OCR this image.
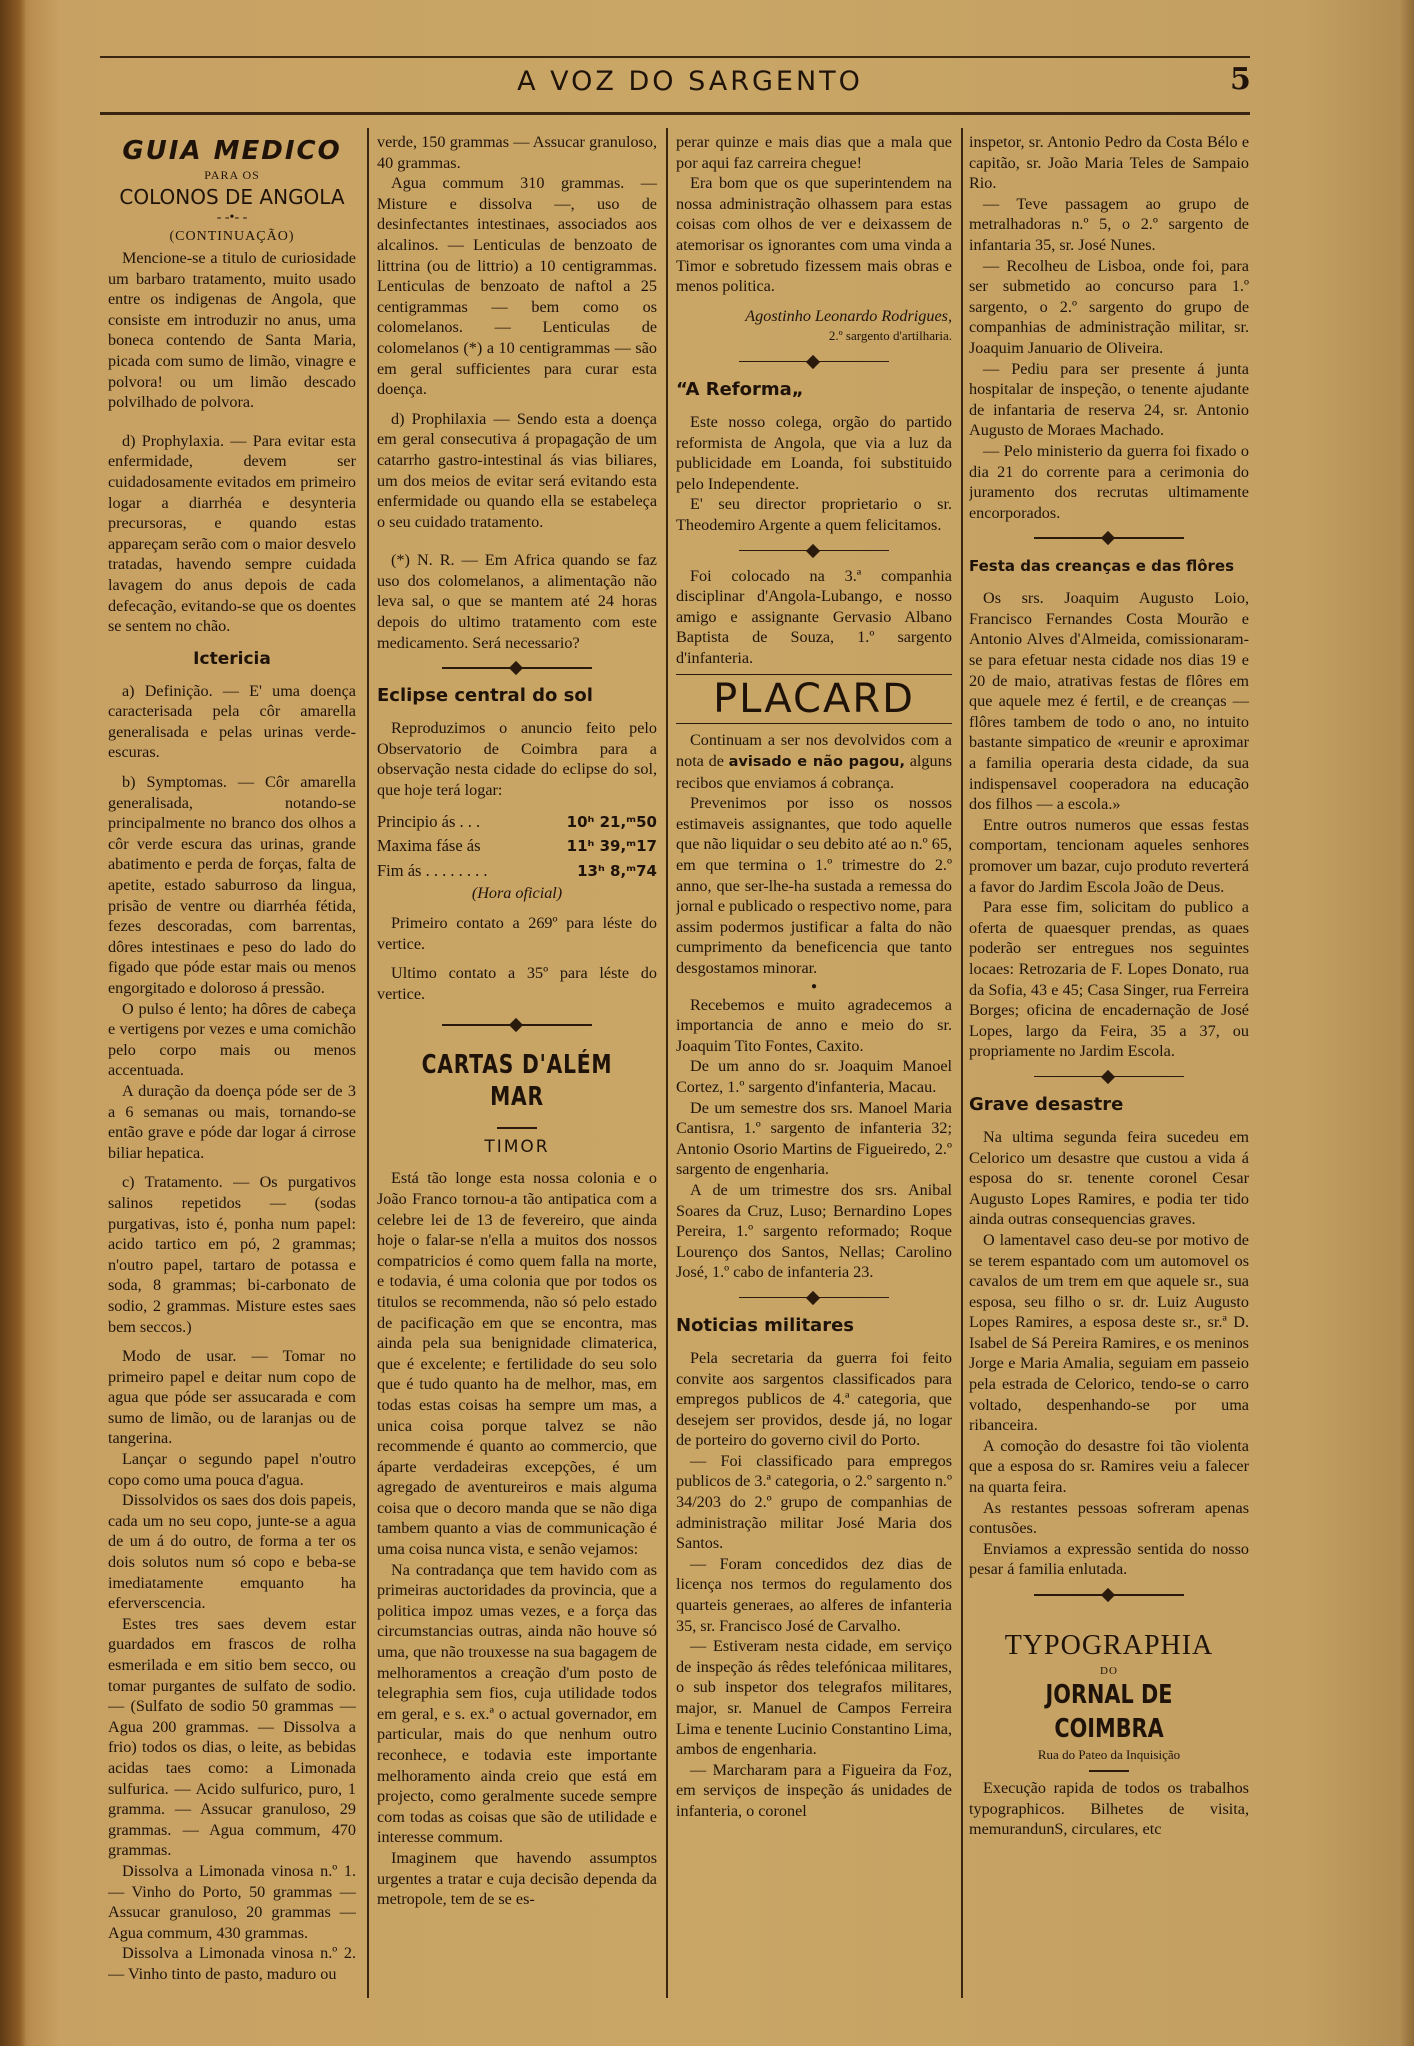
A VOZ DO SARGENTO	5
GUIA MEDICO
PARA OS
COLONOS DE ANGOLA
- -•- -
(CONTINUAÇÃO)

Mencione-se a titulo de curiosidade um barbaro tratamento, muito usado entre os indigenas de Angola, que consiste em introduzir no anus, uma boneca contendo de Santa Maria, picada com sumo de limão, vinagre e polvora! ou um limão descado polvilhado de polvora.

d) Prophylaxia. — Para evitar esta enfermidade, devem ser cuidadosamente evitados em primeiro logar a diarrhéa e desynteria precursoras, e quando estas appareçam serão com o maior desvelo tratadas, havendo sempre cuidada lavagem do anus depois de cada defecação, evitando-se que os doentes se sentem no chão.

Ictericia

a) Definição. — E' uma doença caracterisada pela côr amarella generalisada e pelas urinas verde-escuras.

b) Symptomas. — Côr amarella generalisada, notando-se principalmente no branco dos olhos a côr verde escura das urinas, grande abatimento e perda de forças, falta de apetite, estado saburroso da lingua, prisão de ventre ou diarrhéa fétida, fezes descoradas, com barrentas, dôres intestinaes e peso do lado do figado que póde estar mais ou menos engorgitado e doloroso á pressão.

O pulso é lento; ha dôres de cabeça e vertigens por vezes e uma comichão pelo corpo mais ou menos accentuada.

A duração da doença póde ser de 3 a 6 semanas ou mais, tornando-se então grave e póde dar logar á cirrose biliar hepatica.

c) Tratamento. — Os purgativos salinos repetidos — (sodas purgativas, isto é, ponha num papel: acido tartico em pó, 2 grammas; n'outro papel, tartaro de potassa e soda, 8 grammas; bi-carbonato de sodio, 2 grammas. Misture estes saes bem seccos.)

Modo de usar. — Tomar no primeiro papel e deitar num copo de agua que póde ser assucarada e com sumo de limão, ou de laranjas ou de tangerina.

Lançar o segundo papel n'outro copo como uma pouca d'agua.

Dissolvidos os saes dos dois papeis, cada um no seu copo, junte-se a agua de um á do outro, de forma a ter os dois solutos num só copo e beba-se imediatamente emquanto ha eferverscencia.

Estes tres saes devem estar guardados em frascos de rolha esmerilada e em sitio bem secco, ou tomar purgantes de sulfato de sodio. — (Sulfato de sodio 50 grammas — Agua 200 grammas. — Dissolva a frio) todos os dias, o leite, as bebidas acidas taes como: a Limonada sulfurica. — Acido sulfurico, puro, 1 gramma. — Assucar granuloso, 29 grammas. — Agua commum, 470 grammas.

Dissolva a Limonada vinosa n.º 1. — Vinho do Porto, 50 grammas — Assucar granuloso, 20 grammas — Agua commum, 430 grammas.

Dissolva a Limonada vinosa n.º 2. — Vinho tinto de pasto, maduro ou

verde, 150 grammas — Assucar granuloso, 40 grammas.

Agua commum 310 grammas. — Misture e dissolva —, uso de desinfectantes intestinaes, associados aos alcalinos. — Lenticulas de benzoato de littrina (ou de littrio) a 10 centigrammas. Lenticulas de benzoato de naftol a 25 centigrammas — bem como os colomelanos. — Lenticulas de colomelanos (*) a 10 centigrammas — são em geral sufficientes para curar esta doença.

d) Prophilaxia — Sendo esta a doença em geral consecutiva á propagação de um catarrho gastro-intestinal ás vias biliares, um dos meios de evitar será evitando esta enfermidade ou quando ella se estabeleça o seu cuidado tratamento.

(*) N. R. — Em Africa quando se faz uso dos colomelanos, a alimentação não leva sal, o que se mantem até 24 horas depois do ultimo tratamento com este medicamento. Será necessario?

Eclipse central do sol

Reproduzimos o anuncio feito pelo Observatorio de Coimbra para a observação nesta cidade do eclipse do sol, que hoje terá logar:

Principio ás . . .	10ʰ 21,ᵐ50
Maxima fáse ás	11ʰ 39,ᵐ17
Fim ás . . . . . . . .	13ʰ 8,ᵐ74
(Hora oficial)

Primeiro contato a 269º para léste do vertice.

Ultimo contato a 35º para léste do vertice.

CARTAS D'ALÉM MAR
TIMOR

Está tão longe esta nossa colonia e o João Franco tornou-a tão antipatica com a celebre lei de 13 de fevereiro, que ainda hoje o falar-se n'ella a muitos dos nossos compatricios é como quem falla na morte, e todavia, é uma colonia que por todos os titulos se recommenda, não só pelo estado de pacificação em que se encontra, mas ainda pela sua benignidade climaterica, que é excelente; e fertilidade do seu solo que é tudo quanto ha de melhor, mas, em todas estas coisas ha sempre um mas, a unica coisa porque talvez se não recommende é quanto ao commercio, que áparte verdadeiras excepções, é um agregado de aventureiros e mais alguma coisa que o decoro manda que se não diga tambem quanto a vias de communicação é uma coisa nunca vista, e senão vejamos:

Na contradança que tem havido com as primeiras auctoridades da provincia, que a politica impoz umas vezes, e a força das circumstancias outras, ainda não houve só uma, que não trouxesse na sua bagagem de melhoramentos a creação d'um posto de telegraphia sem fios, cuja utilidade todos em geral, e s. ex.ª o actual governador, em particular, mais do que nenhum outro reconhece, e todavia este importante melhoramento ainda creio que está em projecto, como geralmente sucede sempre com todas as coisas que são de utilidade e interesse commum.

Imaginem que havendo assumptos urgentes a tratar e cuja decisão dependa da metropole, tem de se es-

perar quinze e mais dias que a mala que por aqui faz carreira chegue!

Era bom que os que superintendem na nossa administração olhassem para estas coisas com olhos de ver e deixassem de atemorisar os ignorantes com uma vinda a Timor e sobretudo fizessem mais obras e menos politica.

Agostinho Leonardo Rodrigues,
2.º sargento d'artilharia.
“A Reforma„

Este nosso colega, orgão do partido reformista de Angola, que via a luz da publicidade em Loanda, foi substituido pelo Independente.

E' seu director proprietario o sr. Theodemiro Argente a quem felicitamos.

Foi colocado na 3.ª companhia disciplinar d'Angola-Lubango, e nosso amigo e assignante Gervasio Albano Baptista de Souza, 1.º sargento d'infanteria.

PLACARD

Continuam a ser nos devolvidos com a nota de avisado e não pagou, alguns recibos que enviamos á cobrança.

Prevenimos por isso os nossos estimaveis assignantes, que todo aquelle que não liquidar o seu debito até ao n.º 65, em que termina o 1.º trimestre do 2.º anno, que ser-lhe-ha sustada a remessa do jornal e publicado o respectivo nome, para assim podermos justificar a falta do não cumprimento da beneficencia que tanto desgostamos minorar.

●

Recebemos e muito agradecemos a importancia de anno e meio do sr. Joaquim Tito Fontes, Caxito.

De um anno do sr. Joaquim Manoel Cortez, 1.º sargento d'infanteria, Macau.

De um semestre dos srs. Manoel Maria Cantisra, 1.º sargento de infanteria 32; Antonio Osorio Martins de Figueiredo, 2.º sargento de engenharia.

A de um trimestre dos srs. Anibal Soares da Cruz, Luso; Bernardino Lopes Pereira, 1.º sargento reformado; Roque Lourenço dos Santos, Nellas; Carolino José, 1.º cabo de infanteria 23.

Noticias militares

Pela secretaria da guerra foi feito convite aos sargentos classificados para empregos publicos de 4.ª categoria, que desejem ser providos, desde já, no logar de porteiro do governo civil do Porto.

— Foi classificado para empregos publicos de 3.ª categoria, o 2.º sargento n.º 34/203 do 2.º grupo de companhias de administração militar José Maria dos Santos.

— Foram concedidos dez dias de licença nos termos do regulamento dos quarteis generaes, ao alferes de infanteria 35, sr. Francisco José de Carvalho.

— Estiveram nesta cidade, em serviço de inspeção ás rêdes telefónicaa militares, o sub inspetor dos telegrafos militares, major, sr. Manuel de Campos Ferreira Lima e tenente Lucinio Constantino Lima, ambos de engenharia.

— Marcharam para a Figueira da Foz, em serviços de inspeção ás unidades de infanteria, o coronel

inspetor, sr. Antonio Pedro da Costa Bélo e capitão, sr. João Maria Teles de Sampaio Rio.

— Teve passagem ao grupo de metralhadoras n.º 5, o 2.º sargento de infantaria 35, sr. José Nunes.

— Recolheu de Lisboa, onde foi, para ser submetido ao concurso para 1.º sargento, o 2.º sargento do grupo de companhias de administração militar, sr. Joaquim Januario de Oliveira.

— Pediu para ser presente á junta hospitalar de inspeção, o tenente ajudante de infantaria de reserva 24, sr. Antonio Augusto de Moraes Machado.

— Pelo ministerio da guerra foi fixado o dia 21 do corrente para a cerimonia do juramento dos recrutas ultimamente encorporados.

Festa das creanças e das flôres

Os srs. Joaquim Augusto Loio, Francisco Fernandes Costa Mourão e Antonio Alves d'Almeida, comissionaram-se para efetuar nesta cidade nos dias 19 e 20 de maio, atrativas festas de flôres em que aquele mez é fertil, e de creanças — flôres tambem de todo o ano, no intuito bastante simpatico de «reunir e aproximar a familia operaria desta cidade, da sua indispensavel cooperadora na educação dos filhos — a escola.»

Entre outros numeros que essas festas comportam, tencionam aqueles senhores promover um bazar, cujo produto reverterá a favor do Jardim Escola João de Deus.

Para esse fim, solicitam do publico a oferta de quaesquer prendas, as quaes poderão ser entregues nos seguintes locaes: Retrozaria de F. Lopes Donato, rua da Sofia, 43 e 45; Casa Singer, rua Ferreira Borges; oficina de encadernação de José Lopes, largo da Feira, 35 a 37, ou propriamente no Jardim Escola.

Grave desastre

Na ultima segunda feira sucedeu em Celorico um desastre que custou a vida á esposa do sr. tenente coronel Cesar Augusto Lopes Ramires, e podia ter tido ainda outras consequencias graves.

O lamentavel caso deu-se por motivo de se terem espantado com um automovel os cavalos de um trem em que aquele sr., sua esposa, seu filho o sr. dr. Luiz Augusto Lopes Ramires, a esposa deste sr., sr.ª D. Isabel de Sá Pereira Ramires, e os meninos Jorge e Maria Amalia, seguiam em passeio pela estrada de Celorico, tendo-se o carro voltado, despenhando-se por uma ribanceira.

A comoção do desastre foi tão violenta que a esposa do sr. Ramires veiu a falecer na quarta feira.

As restantes pessoas sofreram apenas contusões.

Enviamos a expressão sentida do nosso pesar á familia enlutada.

TYPOGRAPHIA
DO
JORNAL DE COIMBRA
Rua do Pateo da Inquisição

Execução rapida de todos os trabalhos typographicos. Bilhetes de visita, memurandunS, circulares, etc
